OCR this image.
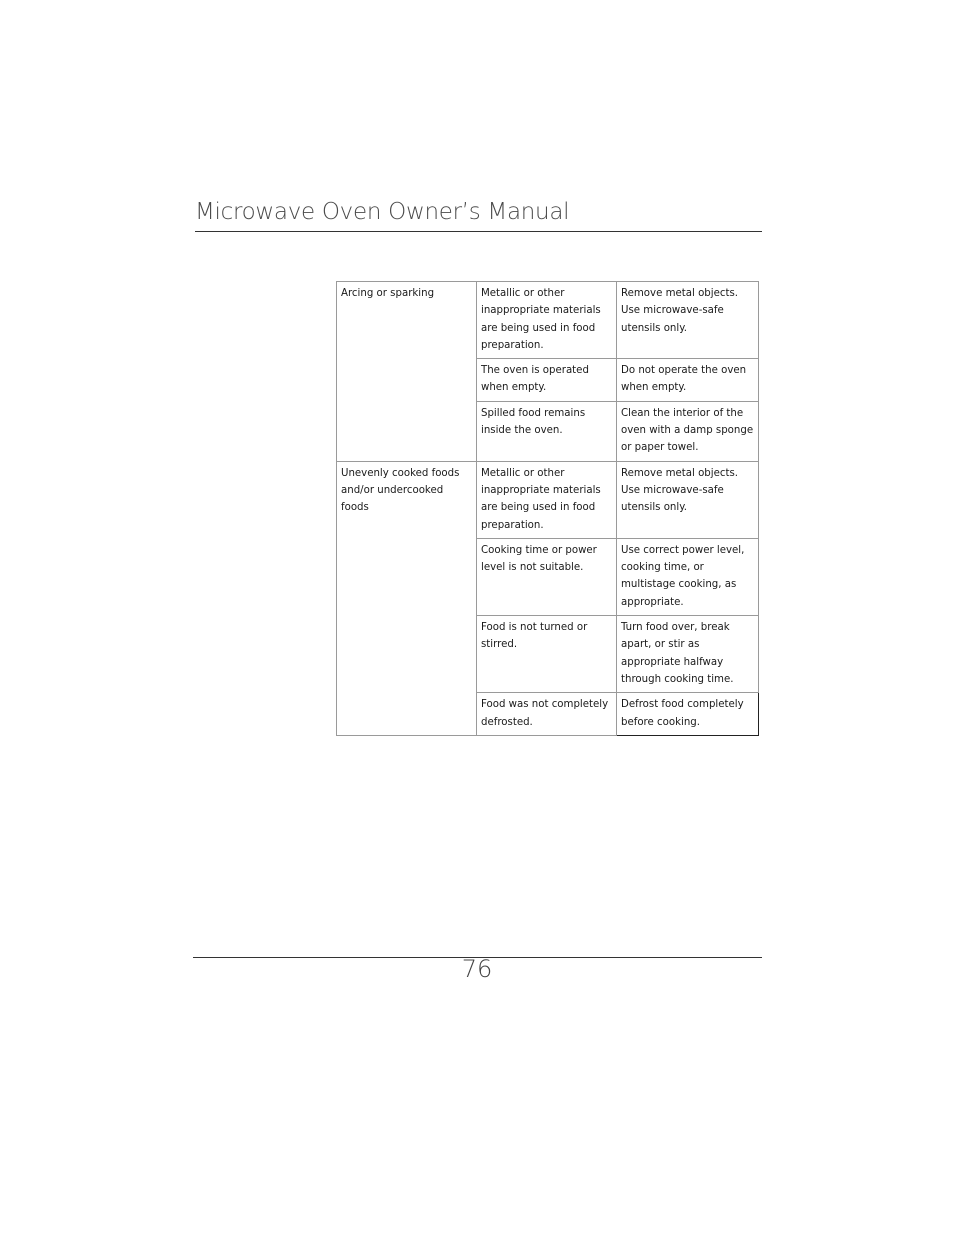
Microwave Oven Owner’s Manual
Arcing or sparking	Metallic or other inappropriate materials are being used in food preparation.	Remove metal objects. Use microwave-safe utensils only.
	The oven is operated when empty.	Do not operate the oven when empty.
	Spilled food remains inside the oven.	Clean the interior of the oven with a damp sponge or paper towel.
Unevenly cooked foods and/or undercooked foods	Metallic or other inappropriate materials are being used in food preparation.	Remove metal objects. Use microwave-safe utensils only.
	Cooking time or power level is not suitable.	Use correct power level, cooking time, or multistage cooking, as appropriate.
	Food is not turned or stirred.	Turn food over, break apart, or stir as appropriate halfway through cooking time.
	Food was not completely defrosted.	Defrost food completely before cooking.
76
